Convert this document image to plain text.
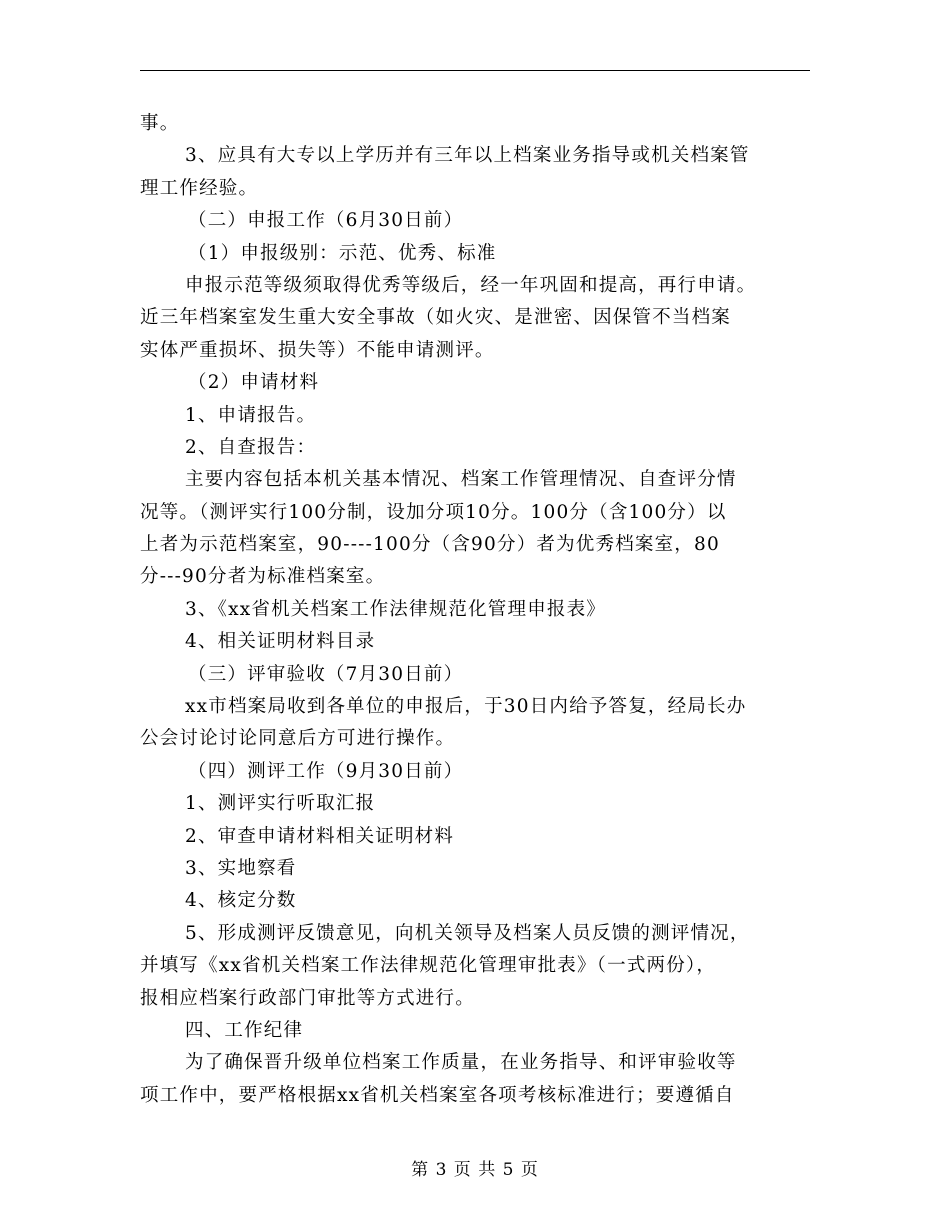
事。
3、应具有大专以上学历并有三年以上档案业务指导或机关档案管
理工作经验。
（二）申报工作（6月30日前）
（1）申报级别：示范、优秀、标准
申报示范等级须取得优秀等级后，经一年巩固和提高，再行申请。
近三年档案室发生重大安全事故（如火灾、是泄密、因保管不当档案
实体严重损坏、损失等）不能申请测评。
（2）申请材料
1、申请报告。
2、自查报告：
主要内容包括本机关基本情况、档案工作管理情况、自查评分情
况等。（测评实行100分制，设加分项10分。100分（含100分）以
上者为示范档案室，90----100分（含90分）者为优秀档案室，80
分---90分者为标准档案室。
3、《xx省机关档案工作法律规范化管理申报表》
4、相关证明材料目录
（三）评审验收（7月30日前）
xx市档案局收到各单位的申报后，于30日内给予答复，经局长办
公会讨论讨论同意后方可进行操作。
（四）测评工作（9月30日前）
1、测评实行听取汇报
2、审查申请材料相关证明材料
3、实地察看
4、核定分数
5、形成测评反馈意见，向机关领导及档案人员反馈的测评情况，
并填写《xx省机关档案工作法律规范化管理审批表》（一式两份），
报相应档案行政部门审批等方式进行。
四、工作纪律
为了确保晋升级单位档案工作质量，在业务指导、和评审验收等
项工作中，要严格根据xx省机关档案室各项考核标准进行；要遵循自
第 3 页 共 5 页
